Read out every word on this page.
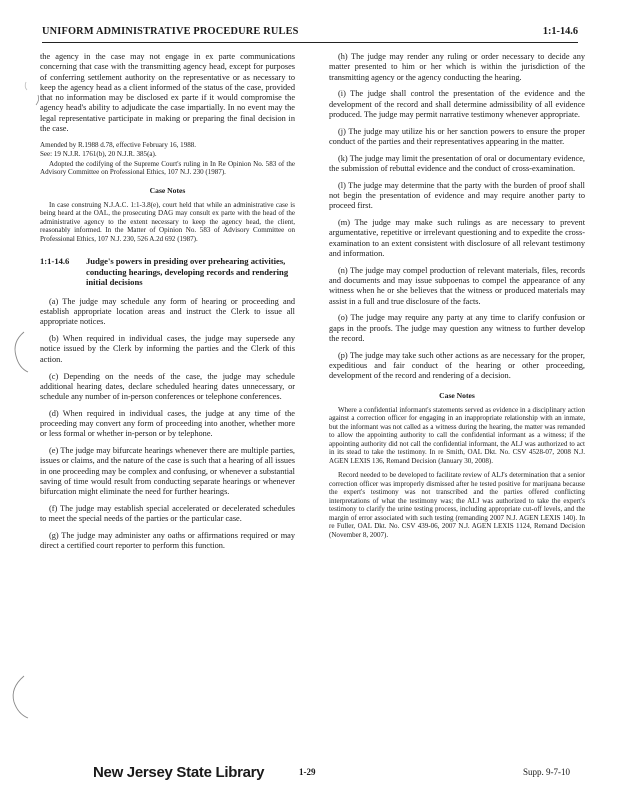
UNIFORM ADMINISTRATIVE PROCEDURE RULES	1:1-14.6

the agency in the case may not engage in ex parte communications concerning that case with the transmitting agency head, except for purposes of conferring settlement authority on the representative or as necessary to keep the agency head as a client informed of the status of the case, provided that no information may be disclosed ex parte if it would compromise the agency head's ability to adjudicate the case impartially. In no event may the legal representative participate in making or preparing the final decision in the case.

Amended by R.1988 d.78, effective February 16, 1988.

See: 19 N.J.R. 1761(b), 20 N.J.R. 385(a).

Adopted the codifying of the Supreme Court's ruling in In Re Opinion No. 583 of the Advisory Committee on Professional Ethics, 107 N.J. 230 (1987).

Case Notes

In case construing N.J.A.C. 1:1-3.8(e), court held that while an administrative case is being heard at the OAL, the prosecuting DAG may consult ex parte with the head of the administrative agency to the extent necessary to keep the agency head, the client, reasonably informed. In the Matter of Opinion No. 583 of Advisory Committee on Professional Ethics, 107 N.J. 230, 526 A.2d 692 (1987).

1:1-14.6	Judge's powers in presiding over prehearing activities, conducting hearings, developing records and rendering initial decisions

(a) The judge may schedule any form of hearing or proceeding and establish appropriate location areas and instruct the Clerk to issue all appropriate notices.

(b) When required in individual cases, the judge may supersede any notice issued by the Clerk by informing the parties and the Clerk of this action.

(c) Depending on the needs of the case, the judge may schedule additional hearing dates, declare scheduled hearing dates unnecessary, or schedule any number of in-person conferences or telephone conferences.

(d) When required in individual cases, the judge at any time of the proceeding may convert any form of proceeding into another, whether more or less formal or whether in-person or by telephone.

(e) The judge may bifurcate hearings whenever there are multiple parties, issues or claims, and the nature of the case is such that a hearing of all issues in one proceeding may be complex and confusing, or whenever a substantial saving of time would result from conducting separate hearings or whenever bifurcation might eliminate the need for further hearings.

(f) The judge may establish special accelerated or decelerated schedules to meet the special needs of the parties or the particular case.

(g) The judge may administer any oaths or affirmations required or may direct a certified court reporter to perform this function.

(h) The judge may render any ruling or order necessary to decide any matter presented to him or her which is within the jurisdiction of the transmitting agency or the agency conducting the hearing.

(i) The judge shall control the presentation of the evidence and the development of the record and shall determine admissibility of all evidence produced. The judge may permit narrative testimony whenever appropriate.

(j) The judge may utilize his or her sanction powers to ensure the proper conduct of the parties and their representatives appearing in the matter.

(k) The judge may limit the presentation of oral or documentary evidence, the submission of rebuttal evidence and the conduct of cross-examination.

(l) The judge may determine that the party with the burden of proof shall not begin the presentation of evidence and may require another party to proceed first.

(m) The judge may make such rulings as are necessary to prevent argumentative, repetitive or irrelevant questioning and to expedite the cross-examination to an extent consistent with disclosure of all relevant testimony and information.

(n) The judge may compel production of relevant materials, files, records and documents and may issue subpoenas to compel the appearance of any witness when he or she believes that the witness or produced materials may assist in a full and true disclosure of the facts.

(o) The judge may require any party at any time to clarify confusion or gaps in the proofs. The judge may question any witness to further develop the record.

(p) The judge may take such other actions as are necessary for the proper, expeditious and fair conduct of the hearing or other proceeding, development of the record and rendering of a decision.

Case Notes

Where a confidential informant's statements served as evidence in a disciplinary action against a correction officer for engaging in an inappropriate relationship with an inmate, but the informant was not called as a witness during the hearing, the matter was remanded to allow the appointing authority to call the confidential informant as a witness; if the appointing authority did not call the confidential informant, the ALJ was authorized to act in its stead to take the testimony. In re Smith, OAL Dkt. No. CSV 4528-07, 2008 N.J. AGEN LEXIS 136, Remand Decision (January 30, 2008).

Record needed to be developed to facilitate review of ALJ's determination that a senior correction officer was improperly dismissed after he tested positive for marijuana because the expert's testimony was not transcribed and the parties offered conflicting interpretations of what the testimony was; the ALJ was authorized to take the expert's testimony to clarify the urine testing process, including appropriate cut-off levels, and the margin of error associated with such testing (remanding 2007 N.J. AGEN LEXIS 140). In re Fuller, OAL Dkt. No. CSV 439-06, 2007 N.J. AGEN LEXIS 1124, Remand Decision (November 8, 2007).

New Jersey State Library	1-29	Supp. 9-7-10
